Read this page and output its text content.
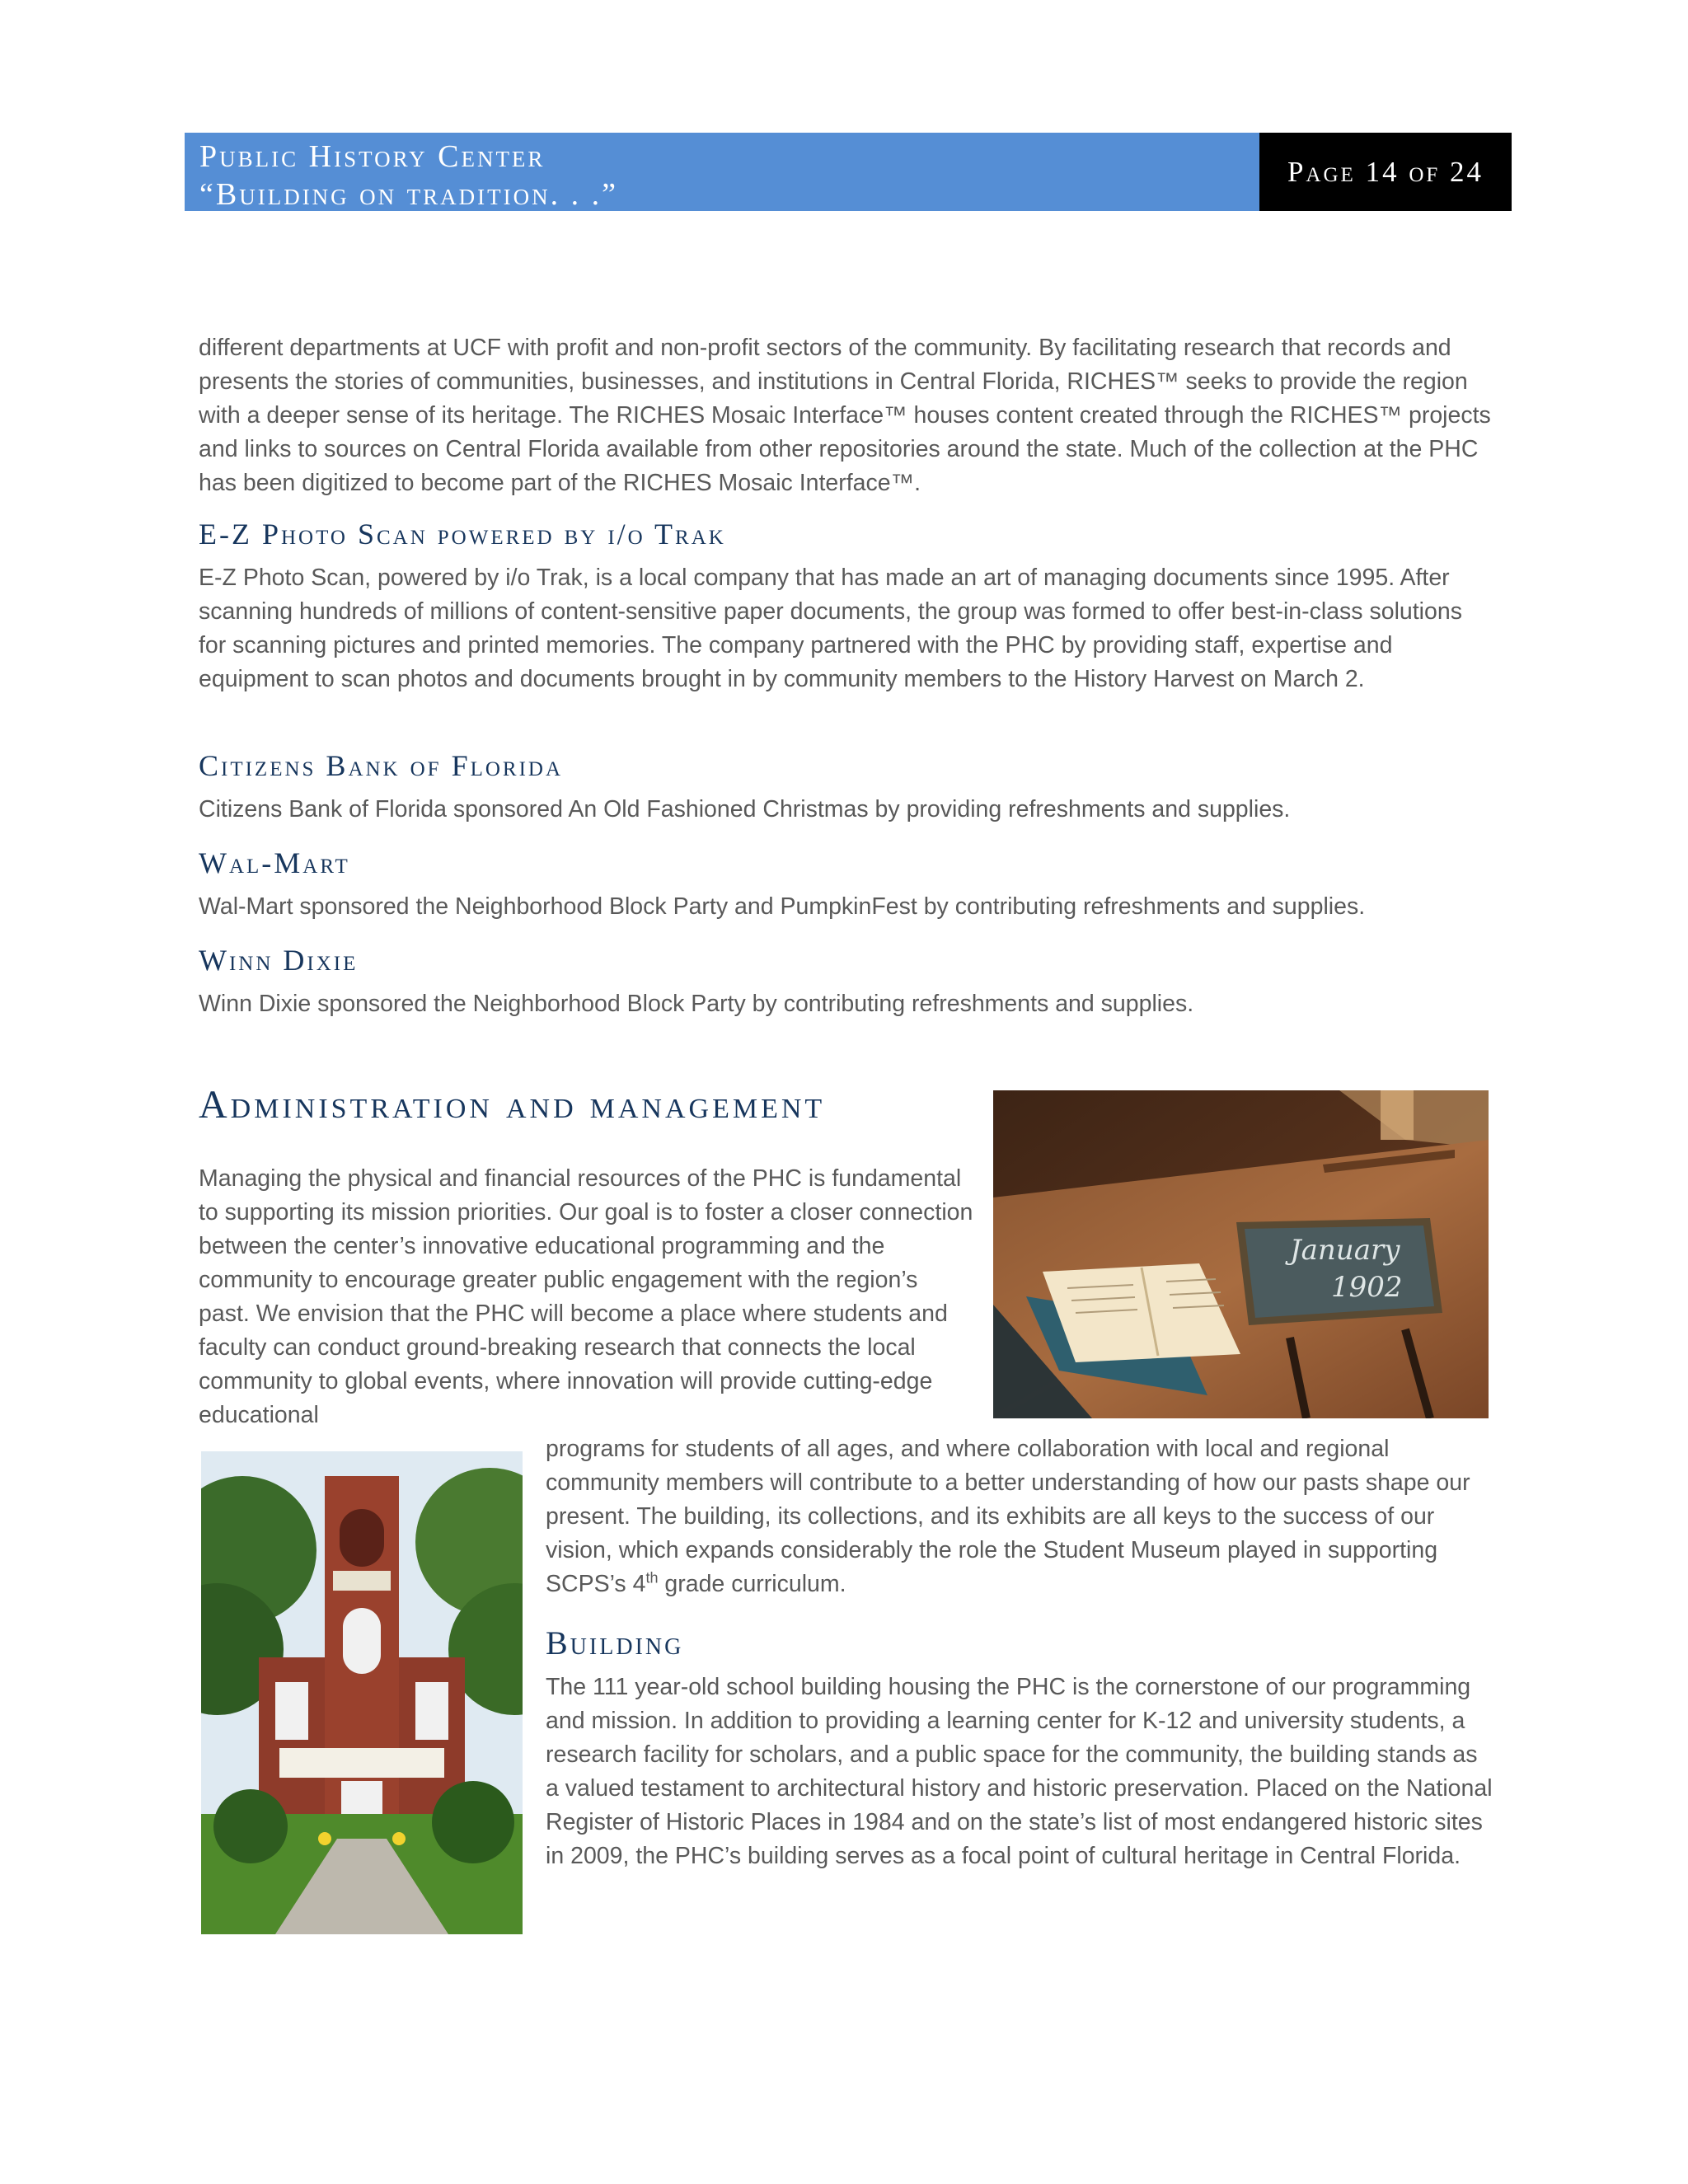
Public History Center
“Building on tradition. . .”
Page 14 of 24
different departments at UCF with profit and non-profit sectors of the community. By facilitating research that records and presents the stories of communities, businesses, and institutions in Central Florida, RICHES™ seeks to provide the region with a deeper sense of its heritage. The RICHES Mosaic Interface™ houses content created through the RICHES™ projects and links to sources on Central Florida available from other repositories around the state. Much of the collection at the PHC has been digitized to become part of the RICHES Mosaic Interface™.
E-Z Photo Scan powered by i/o Trak
E-Z Photo Scan, powered by i/o Trak, is a local company that has made an art of managing documents since 1995. After scanning hundreds of millions of content-sensitive paper documents, the group was formed to offer best-in-class solutions for scanning pictures and printed memories. The company partnered with the PHC by providing staff, expertise and equipment to scan photos and documents brought in by community members to the History Harvest on March 2.
Citizens Bank of Florida
Citizens Bank of Florida sponsored An Old Fashioned Christmas by providing refreshments and supplies.
Wal-Mart
Wal-Mart sponsored the Neighborhood Block Party and PumpkinFest by contributing refreshments and supplies.
Winn Dixie
Winn Dixie sponsored the Neighborhood Block Party by contributing refreshments and supplies.
Administration and management
Managing the physical and financial resources of the PHC is fundamental to supporting its mission priorities. Our goal is to foster a closer connection between the center’s innovative educational programming and the community to encourage greater public engagement with the region’s past. We envision that the PHC will become a place where students and faculty can conduct ground-breaking research that connects the local community to global events, where innovation will provide cutting-edge educational
programs for students of all ages, and where collaboration with local and regional community members will contribute to a better understanding of how our pasts shape our present. The building, its collections, and its exhibits are all keys to the success of our vision, which expands considerably the role the Student Museum played in supporting SCPS’s 4th grade curriculum.
Building
The 111 year-old school building housing the PHC is the cornerstone of our programming and mission. In addition to providing a learning center for K-12 and university students, a research facility for scholars, and a public space for the community, the building stands as a valued testament to architectural history and historic preservation. Placed on the National Register of Historic Places in 1984 and on the state’s list of most endangered historic sites in 2009, the PHC’s building serves as a focal point of cultural heritage in Central Florida.
January
1902
